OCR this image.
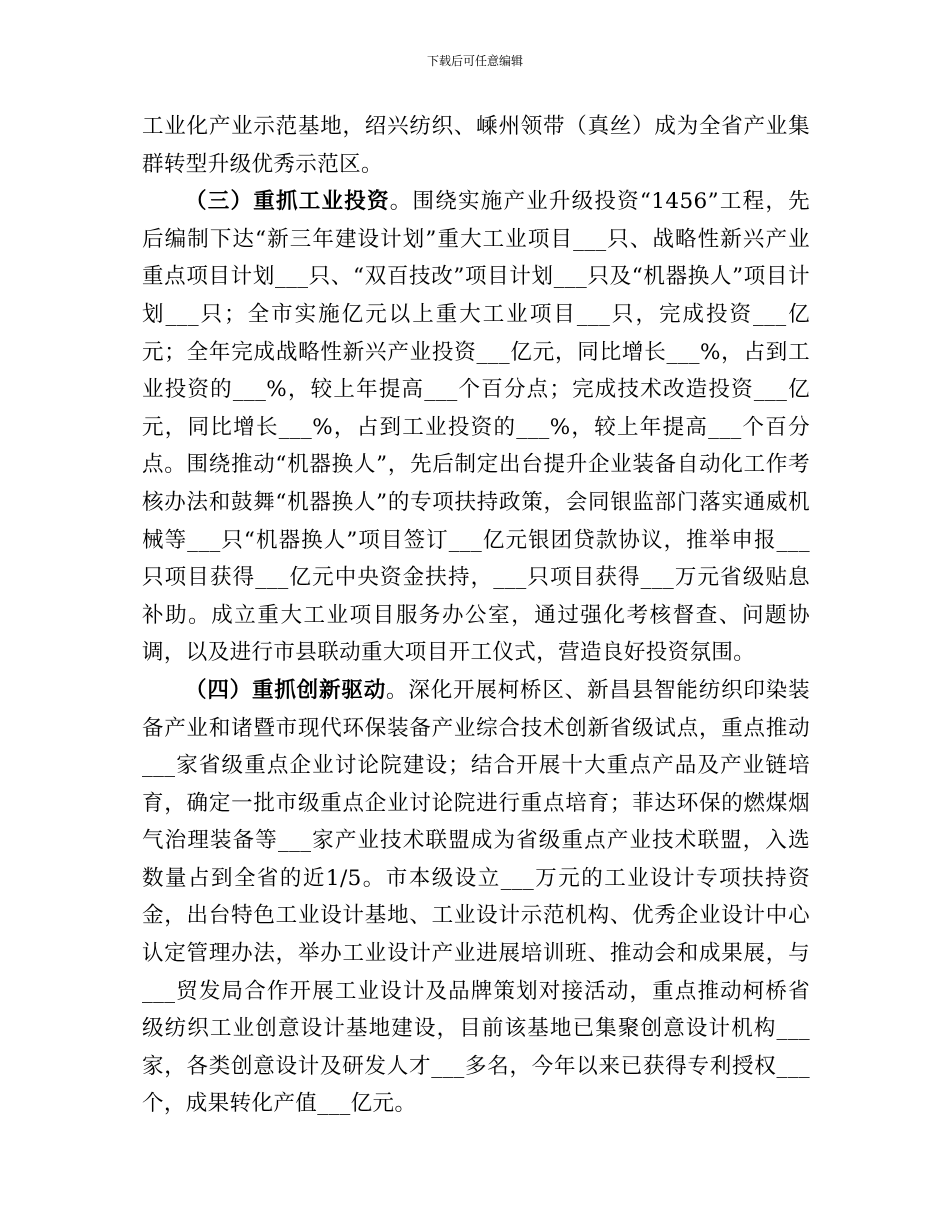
下载后可任意编辑

工业化产业示范基地，绍兴纺织、嵊州领带（真丝）成为全省产业集群转型升级优秀示范区。

（三）重抓工业投资。围绕实施产业升级投资“1456”工程，先后编制下达“新三年建设计划”重大工业项目___只、战略性新兴产业重点项目计划___只、“双百技改”项目计划___只及“机器换人”项目计划___只；全市实施亿元以上重大工业项目___只，完成投资___亿元；全年完成战略性新兴产业投资___亿元，同比增长___%，占到工业投资的___%，较上年提高___个百分点；完成技术改造投资___亿元，同比增长___%，占到工业投资的___%，较上年提高___个百分点。围绕推动“机器换人”，先后制定出台提升企业装备自动化工作考核办法和鼓舞“机器换人”的专项扶持政策，会同银监部门落实通威机械等___只“机器换人”项目签订___亿元银团贷款协议，推举申报___只项目获得___亿元中央资金扶持，___只项目获得___万元省级贴息补助。成立重大工业项目服务办公室，通过强化考核督查、问题协调，以及进行市县联动重大项目开工仪式，营造良好投资氛围。

（四）重抓创新驱动。深化开展柯桥区、新昌县智能纺织印染装备产业和诸暨市现代环保装备产业综合技术创新省级试点，重点推动___家省级重点企业讨论院建设；结合开展十大重点产品及产业链培育，确定一批市级重点企业讨论院进行重点培育；菲达环保的燃煤烟气治理装备等___家产业技术联盟成为省级重点产业技术联盟，入选数量占到全省的近1/5。市本级设立___万元的工业设计专项扶持资金，出台特色工业设计基地、工业设计示范机构、优秀企业设计中心认定管理办法，举办工业设计产业进展培训班、推动会和成果展，与___贸发局合作开展工业设计及品牌策划对接活动，重点推动柯桥省级纺织工业创意设计基地建设，目前该基地已集聚创意设计机构___家，各类创意设计及研发人才___多名，今年以来已获得专利授权___个，成果转化产值___亿元。
